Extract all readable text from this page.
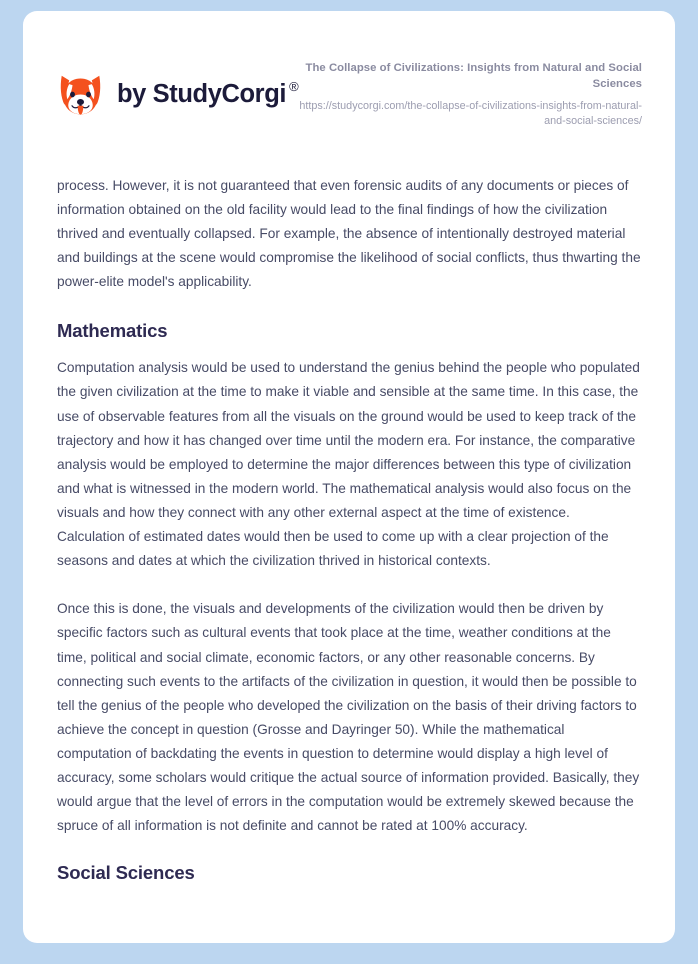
by StudyCorgi ®
The Collapse of Civilizations: Insights from Natural and Social Sciences
https://studycorgi.com/the-collapse-of-civilizations-insights-from-natural-and-social-sciences/

process. However, it is not guaranteed that even forensic audits of any documents or pieces of information obtained on the old facility would lead to the final findings of how the civilization thrived and eventually collapsed. For example, the absence of intentionally destroyed material and buildings at the scene would compromise the likelihood of social conflicts, thus thwarting the power-elite model's applicability.

Mathematics

Computation analysis would be used to understand the genius behind the people who populated the given civilization at the time to make it viable and sensible at the same time. In this case, the use of observable features from all the visuals on the ground would be used to keep track of the trajectory and how it has changed over time until the modern era. For instance, the comparative analysis would be employed to determine the major differences between this type of civilization and what is witnessed in the modern world. The mathematical analysis would also focus on the visuals and how they connect with any other external aspect at the time of existence. Calculation of estimated dates would then be used to come up with a clear projection of the seasons and dates at which the civilization thrived in historical contexts.

Once this is done, the visuals and developments of the civilization would then be driven by specific factors such as cultural events that took place at the time, weather conditions at the time, political and social climate, economic factors, or any other reasonable concerns. By connecting such events to the artifacts of the civilization in question, it would then be possible to tell the genius of the people who developed the civilization on the basis of their driving factors to achieve the concept in question (Grosse and Dayringer 50). While the mathematical computation of backdating the events in question to determine would display a high level of accuracy, some scholars would critique the actual source of information provided. Basically, they would argue that the level of errors in the computation would be extremely skewed because the spruce of all information is not definite and cannot be rated at 100% accuracy.

Social Sciences
